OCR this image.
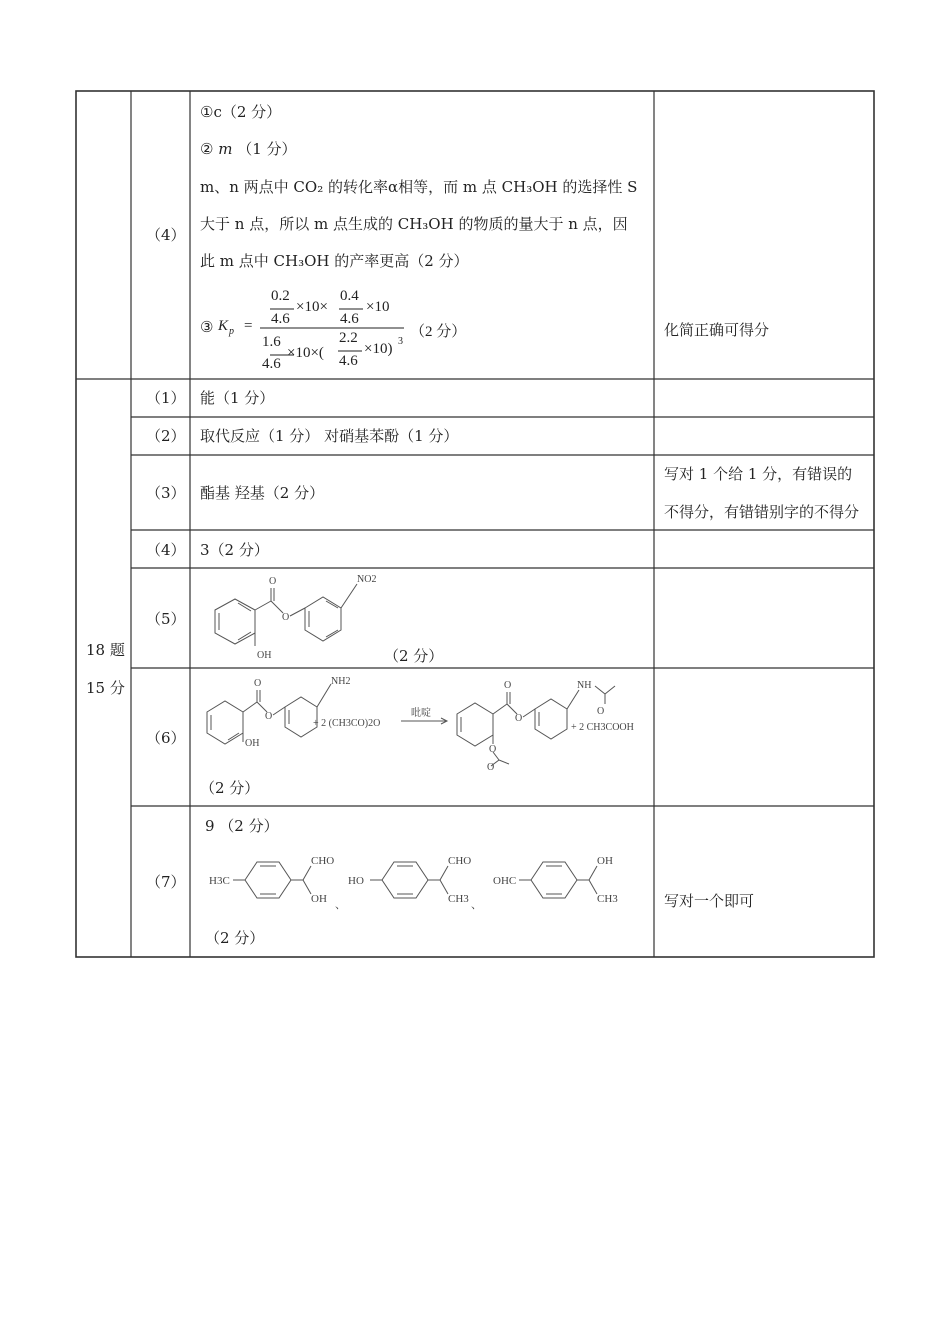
（4）
①c（2 分）
② m （1 分）
m、n 两点中 CO₂ 的转化率α相等，而 m 点 CH₃OH 的选择性 S
大于 n 点，所以 m 点生成的 CH₃OH 的物质的量大于 n 点，因
此 m 点中 CH₃OH 的产率更高（2 分）
③ K p =
0.2
4.6
×10×
0.4
4.6
×10
1.6
4.6
×10×(
2.2
4.6
×10) 3
（2 分）	化简正确可得分
18 题
15 分
（1）
（2）
（3）
（4）
（5）
（6）
（7）
能（1 分）
取代反应（1 分） 对硝基苯酚（1 分）
酯基 羟基（2 分）
3（2 分）
（2 分）
（2 分）
9 （2 分）
（2 分）
写对 1 个给 1 分，有错误的
不得分，有错错别字的不得分
写对一个即可
O
O
NO2
OH
O
O
NH2
OH
+ 2 (CH3CO)2O
吡啶
O
O
NH
O
O
O
+ 2 CH3COOH
H3C
CHO
OH 、
HO
CHO
CH3 、
OHC
OH
CH3
